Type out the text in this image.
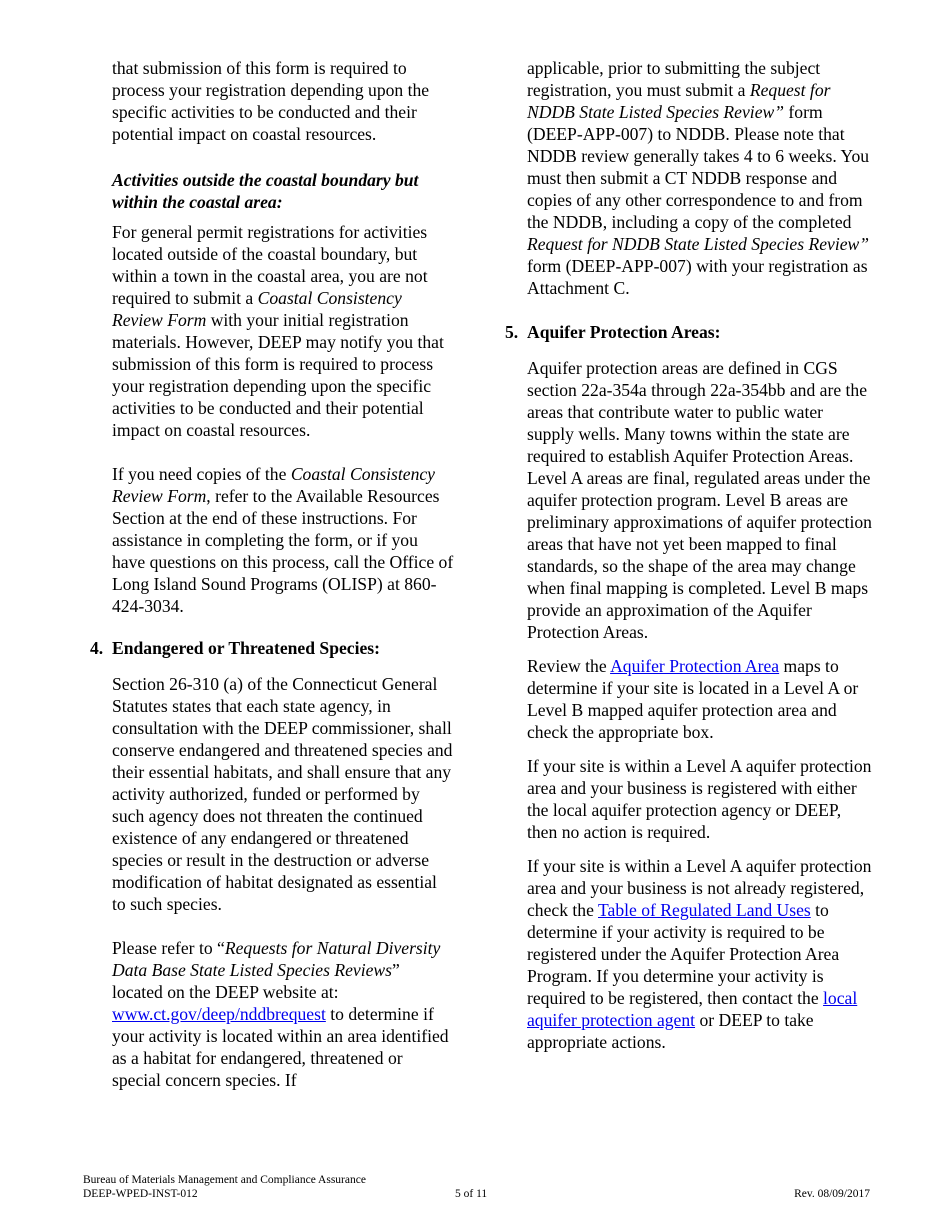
that submission of this form is required to process your registration depending upon the specific activities to be conducted and their potential impact on coastal resources.

Activities outside the coastal boundary but within the coastal area:

For general permit registrations for activities located outside of the coastal boundary, but within a town in the coastal area, you are not required to submit a Coastal Consistency Review Form with your initial registration materials. However, DEEP may notify you that submission of this form is required to process your registration depending upon the specific activities to be conducted and their potential impact on coastal resources.

If you need copies of the Coastal Consistency Review Form, refer to the Available Resources Section at the end of these instructions. For assistance in completing the form, or if you have questions on this process, call the Office of Long Island Sound Programs (OLISP) at 860-424-3034.

4. Endangered or Threatened Species:

Section 26-310 (a) of the Connecticut General Statutes states that each state agency, in consultation with the DEEP commissioner, shall conserve endangered and threatened species and their essential habitats, and shall ensure that any activity authorized, funded or performed by such agency does not threaten the continued existence of any endangered or threatened species or result in the destruction or adverse modification of habitat designated as essential to such species.

Please refer to “Requests for Natural Diversity Data Base State Listed Species Reviews” located on the DEEP website at: www.ct.gov/deep/nddbrequest to determine if your activity is located within an area identified as a habitat for endangered, threatened or special concern species. If

applicable, prior to submitting the subject registration, you must submit a Request for NDDB State Listed Species Review” form (DEEP-APP-007) to NDDB. Please note that NDDB review generally takes 4 to 6 weeks. You must then submit a CT NDDB response and copies of any other correspondence to and from the NDDB, including a copy of the completed Request for NDDB State Listed Species Review” form (DEEP-APP-007) with your registration as Attachment C.

5. Aquifer Protection Areas:

Aquifer protection areas are defined in CGS section 22a-354a through 22a-354bb and are the areas that contribute water to public water supply wells. Many towns within the state are required to establish Aquifer Protection Areas. Level A areas are final, regulated areas under the aquifer protection program. Level B areas are preliminary approximations of aquifer protection areas that have not yet been mapped to final standards, so the shape of the area may change when final mapping is completed. Level B maps provide an approximation of the Aquifer Protection Areas.

Review the Aquifer Protection Area maps to determine if your site is located in a Level A or Level B mapped aquifer protection area and check the appropriate box.

If your site is within a Level A aquifer protection area and your business is registered with either the local aquifer protection agency or DEEP, then no action is required.

If your site is within a Level A aquifer protection area and your business is not already registered, check the Table of Regulated Land Uses to determine if your activity is required to be registered under the Aquifer Protection Area Program. If you determine your activity is required to be registered, then contact the local aquifer protection agent or DEEP to take appropriate actions.

Bureau of Materials Management and Compliance Assurance
DEEP-WPED-INST-012	5 of 11	Rev. 08/09/2017
